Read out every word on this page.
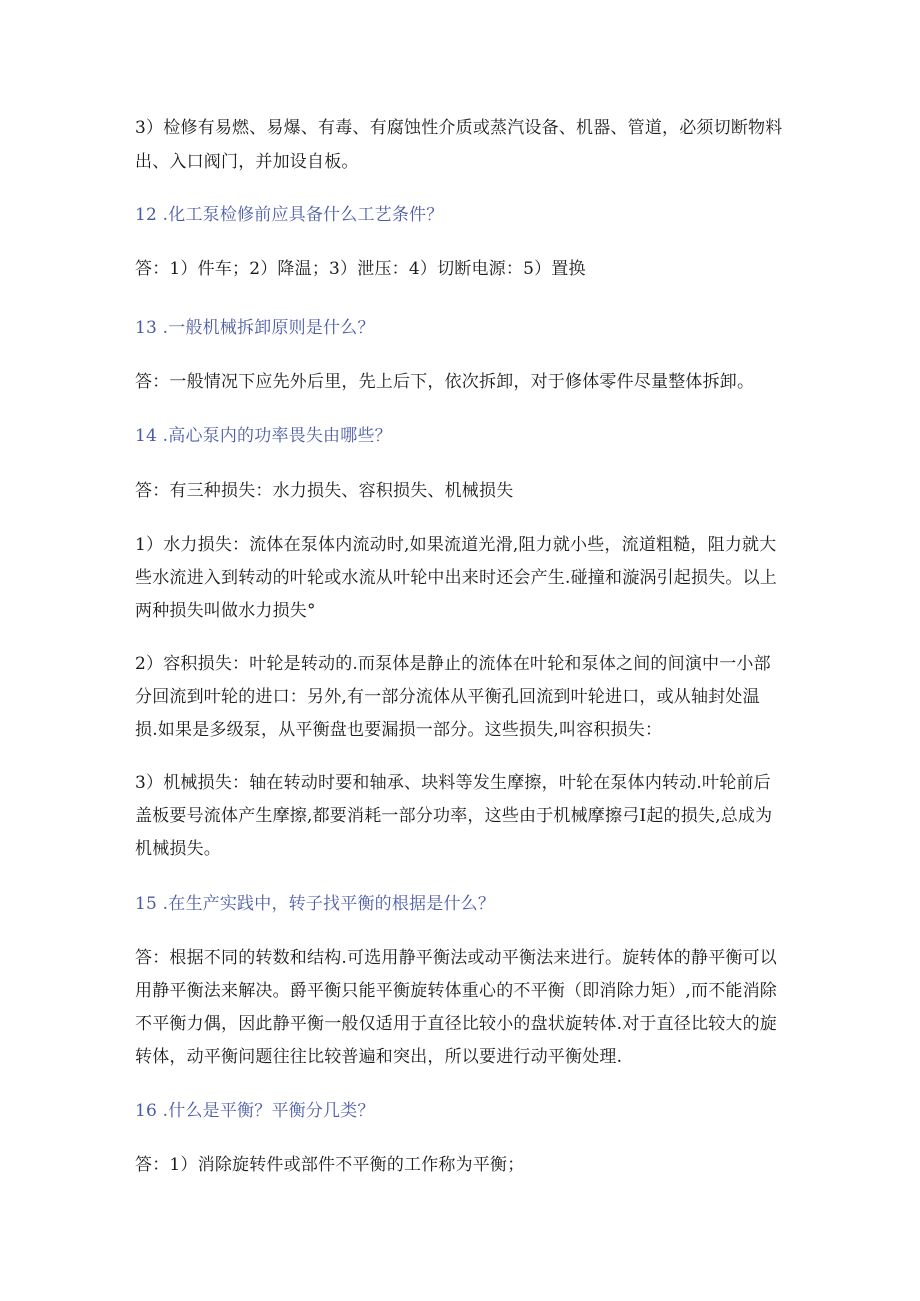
3）检修有易燃、易爆、有毒、有腐蚀性介质或蒸汽设备、机器、管道，必须切断物料
出、入口阀门，并加设自板。
12 .化工泵检修前应具备什么工艺条件？
答：1）件车；2）降温；3）泄压：4）切断电源：5）置换
13 .一般机械拆卸原则是什么？
答：一般情况下应先外后里，先上后下，依次拆卸，对于修体零件尽量整体拆卸。
14 .高心泵内的功率畏失由哪些？
答：有三种损失：水力损失、容积损失、机械损失
1）水力损失：流体在泵体内流动时,如果流道光滑,阻力就小些，流道粗糙，阻力就大
些水流进入到转动的叶轮或水流从叶轮中出来时还会产生.碰撞和漩涡引起损失。以上
两种损失叫做水力损失°
2）容积损失：叶轮是转动的.而泵体是静止的流体在叶轮和泵体之间的间演中一小部
分回流到叶轮的进口：另外,有一部分流体从平衡孔回流到叶轮进口，或从轴封处温
损.如果是多级泵，从平衡盘也要漏损一部分。这些损失,叫容积损失：
3）机械损失：轴在转动时要和轴承、块料等发生摩擦，叶轮在泵体内转动.叶轮前后
盖板要号流体产生摩擦,都要消耗一部分功率，这些由于机械摩擦弓I起的损失,总成为
机械损失。
15 .在生产实践中，转子找平衡的根据是什么？
答：根据不同的转数和结构.可选用静平衡法或动平衡法来进行。旋转体的静平衡可以
用静平衡法来解决。爵平衡只能平衡旋转体重心的不平衡（即消除力矩）,而不能消除
不平衡力偶，因此静平衡一般仅适用于直径比较小的盘状旋转体.对于直径比较大的旋
转体，动平衡问题往往比较普遍和突出，所以要进行动平衡处理.
16 .什么是平衡？平衡分几类？
答：1）消除旋转件或部件不平衡的工作称为平衡；
